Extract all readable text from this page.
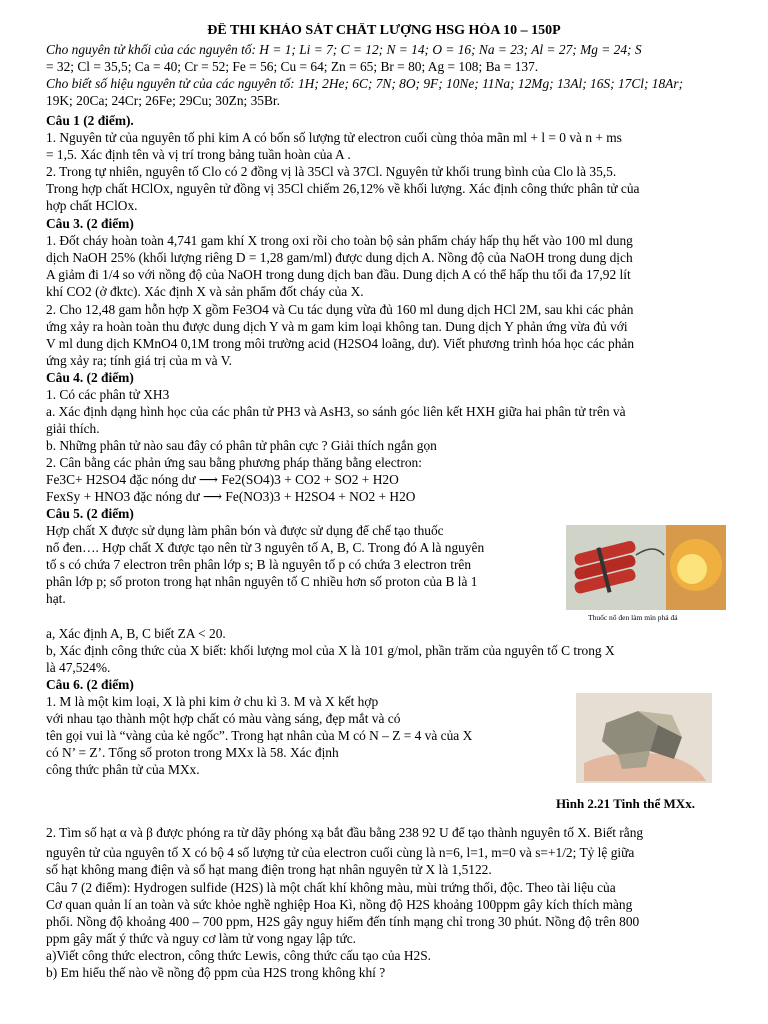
ĐỀ THI KHẢO SÁT CHẤT LƯỢNG HSG HÓA 10 – 150P
Cho nguyên tử khối của các nguyên tố: H = 1; Li = 7; C = 12; N = 14; O = 16; Na = 23; Al = 27; Mg = 24; S
= 32; Cl = 35,5; Ca = 40; Cr = 52; Fe = 56; Cu = 64; Zn = 65; Br = 80; Ag = 108; Ba = 137.
Cho biết số hiệu nguyên tử của các nguyên tố: 1H; 2He; 6C; 7N; 8O; 9F; 10Ne; 11Na; 12Mg; 13Al; 16S; 17Cl; 18Ar;
19K; 20Ca; 24Cr; 26Fe; 29Cu; 30Zn; 35Br.
Câu 1 (2 điểm).
1. Nguyên tử của nguyên tố phi kim A có bốn số lượng tử electron cuối cùng thỏa mãn ml + l = 0 và n + ms
= 1,5. Xác định tên và vị trí trong bảng tuần hoàn của A .
2. Trong tự nhiên, nguyên tố Clo có 2 đồng vị là 35Cl và 37Cl. Nguyên tử khối trung bình của Clo là 35,5.
Trong hợp chất HClOx, nguyên tử đồng vị 35Cl chiếm 26,12% về khối lượng. Xác định công thức phân tử của
hợp chất HClOx.
Câu 3. (2 điểm)
1. Đốt cháy hoàn toàn 4,741 gam khí X trong oxi rồi cho toàn bộ sản phẩm cháy hấp thụ hết vào 100 ml dung
dịch NaOH 25% (khối lượng riêng D = 1,28 gam/ml) được dung dịch A. Nồng độ của NaOH trong dung dịch
A giảm đi 1/4 so với nồng độ của NaOH trong dung dịch ban đầu. Dung dịch A có thể hấp thu tối đa 17,92 lít
khí CO2 (ở đktc). Xác định X và sản phẩm đốt cháy của X.
2. Cho 12,48 gam hỗn hợp X gồm Fe3O4 và Cu tác dụng vừa đủ 160 ml dung dịch HCl 2M, sau khi các phản
ứng xảy ra hoàn toàn thu được dung dịch Y và m gam kim loại không tan. Dung dịch Y phản ứng vừa đủ với
V ml dung dịch KMnO4 0,1M trong môi trường acid (H2SO4 loãng, dư). Viết phương trình hóa học các phản
ứng xảy ra; tính giá trị của m và V.
Câu 4. (2 điểm)
1. Có các phân tử XH3
a. Xác định dạng hình học của các phân tử PH3 và AsH3, so sánh góc liên kết HXH giữa hai phân tử trên và
giải thích.
b. Những phân tử nào sau đây có phân tử phân cực ? Giải thích ngắn gọn
2. Cân bằng các phản ứng sau bằng phương pháp thăng bằng electron:
Fe3C+ H2SO4 đặc nóng dư ⟶ Fe2(SO4)3 + CO2 + SO2 + H2O
FexSy + HNO3 đặc nóng dư ⟶ Fe(NO3)3 + H2SO4 + NO2 + H2O
Câu 5. (2 điểm)
Hợp chất X được sử dụng làm phân bón và được sử dụng để chế tạo thuốc
nổ đen…. Hợp chất X được tạo nên từ 3 nguyên tố A, B, C. Trong đó A là nguyên
tố s có chứa 7 electron trên phân lớp s; B là nguyên tố p có chứa 3 electron trên
phân lớp p; số proton trong hạt nhân nguyên tố C nhiều hơn số proton của B là 1
hạt.
Thuốc nổ đen làm mìn phá đá
a, Xác định A, B, C biết ZA < 20.
b, Xác định công thức của X biết: khối lượng mol của X là 101 g/mol, phần trăm của nguyên tố C trong X
là 47,524%.
Câu 6. (2 điểm)
1. M là một kim loại, X là phi kim ở chu kì 3. M và X kết hợp
với nhau tạo thành một hợp chất có màu vàng sáng, đẹp mắt và có
tên gọi vui là “vàng của kẻ ngốc”. Trong hạt nhân của M có N – Z = 4 và của X
có N’ = Z’. Tổng số proton trong MXx là 58. Xác định
công thức phân tử của MXx.
Hình 2.21 Tinh thể MXx.
2. Tìm số hạt α và β được phóng ra từ dãy phóng xạ bắt đầu bằng 238 92 U để tạo thành nguyên tố X. Biết rằng
nguyên tử của nguyên tố X có bộ 4 số lượng tử của electron cuối cùng là n=6, l=1, m=0 và s=+1/2; Tỷ lệ giữa
số hạt không mang điện và số hạt mang điện trong hạt nhân nguyên tử X là 1,5122.
Câu 7 (2 điểm): Hydrogen sulfide (H2S) là một chất khí không màu, mùi trứng thối, độc. Theo tài liệu của
Cơ quan quản lí an toàn và sức khỏe nghề nghiệp Hoa Kì, nồng độ H2S khoảng 100ppm gây kích thích màng
phổi. Nồng độ khoảng 400 – 700 ppm, H2S gây nguy hiểm đến tính mạng chỉ trong 30 phút. Nồng độ trên 800
ppm gây mất ý thức và nguy cơ làm tử vong ngay lập tức.
a)Viết công thức electron, công thức Lewis, công thức cấu tạo của H2S.
b) Em hiểu thế nào về nồng độ ppm của H2S trong không khí ?
